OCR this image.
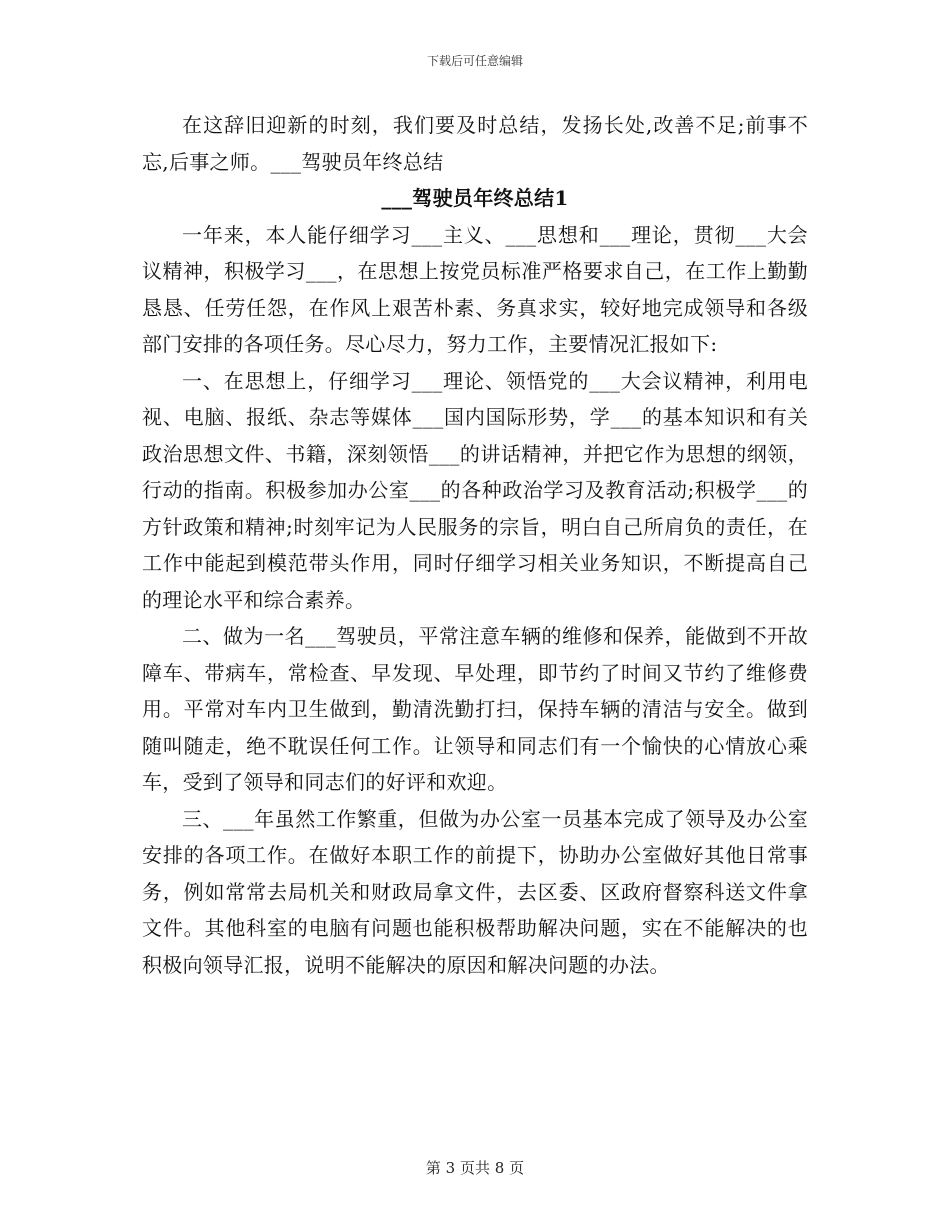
下载后可任意编辑

在这辞旧迎新的时刻，我们要及时总结，发扬长处,改善不足;前事不忘,后事之师。___驾驶员年终总结

___驾驶员年终总结1

一年来，本人能仔细学习___主义、___思想和___理论，贯彻___大会议精神，积极学习___，在思想上按党员标准严格要求自己，在工作上勤勤恳恳、任劳任怨，在作风上艰苦朴素、务真求实，较好地完成领导和各级部门安排的各项任务。尽心尽力，努力工作，主要情况汇报如下:

一、在思想上，仔细学习___理论、领悟党的___大会议精神，利用电视、电脑、报纸、杂志等媒体___国内国际形势，学___的基本知识和有关政治思想文件、书籍，深刻领悟___的讲话精神，并把它作为思想的纲领，行动的指南。积极参加办公室___的各种政治学习及教育活动;积极学___的方针政策和精神;时刻牢记为人民服务的宗旨，明白自己所肩负的责任，在工作中能起到模范带头作用，同时仔细学习相关业务知识，不断提高自己的理论水平和综合素养。

二、做为一名___驾驶员，平常注意车辆的维修和保养，能做到不开故障车、带病车，常检查、早发现、早处理，即节约了时间又节约了维修费用。平常对车内卫生做到，勤清洗勤打扫，保持车辆的清洁与安全。做到随叫随走，绝不耽误任何工作。让领导和同志们有一个愉快的心情放心乘车，受到了领导和同志们的好评和欢迎。

三、___年虽然工作繁重，但做为办公室一员基本完成了领导及办公室安排的各项工作。在做好本职工作的前提下，协助办公室做好其他日常事务，例如常常去局机关和财政局拿文件，去区委、区政府督察科送文件拿文件。其他科室的电脑有问题也能积极帮助解决问题，实在不能解决的也积极向领导汇报，说明不能解决的原因和解决问题的办法。

第 3 页共 8 页
